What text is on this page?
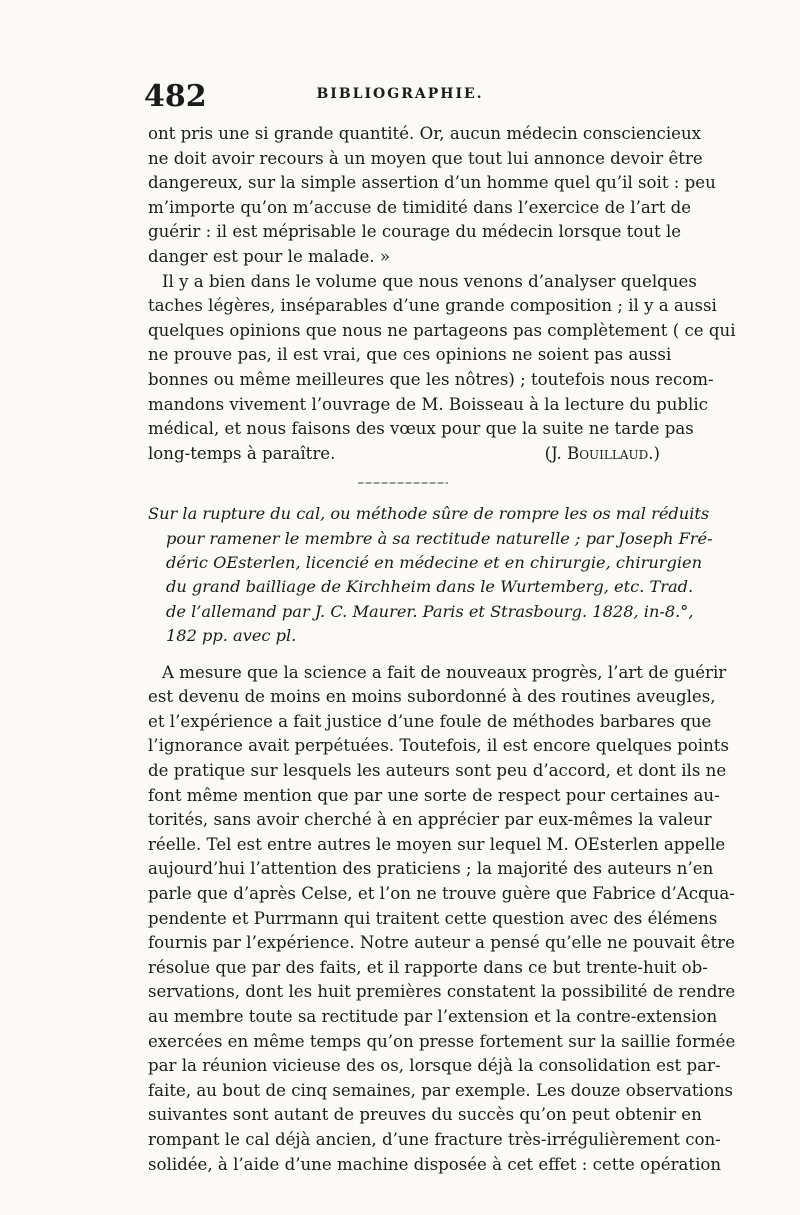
482	BIBLIOGRAPHIE.
ont pris une si grande quantité. Or, aucun médecin consciencieux
ne doit avoir recours à un moyen que tout lui annonce devoir être
dangereux, sur la simple assertion d’un homme quel qu’il soit : peu
m’importe qu’on m’accuse de timidité dans l’exercice de l’art de
guérir : il est méprisable le courage du médecin lorsque tout le
danger est pour le malade. »
Il y a bien dans le volume que nous venons d’analyser quelques
taches légères, inséparables d’une grande composition ; il y a aussi
quelques opinions que nous ne partageons pas complètement ( ce qui
ne prouve pas, il est vrai, que ces opinions ne soient pas aussi
bonnes ou même meilleures que les nôtres) ; toutefois nous recom-
mandons vivement l’ouvrage de M. Boisseau à la lecture du public
médical, et nous faisons des vœux pour que la suite ne tarde pas
long-temps à paraître.	(J. Bouillaud.)
Sur la rupture du cal, ou méthode sûre de rompre les os mal réduits
pour ramener le membre à sa rectitude naturelle ; par Joseph Fré-
déric OEsterlen, licencié en médecine et en chirurgie, chirurgien
du grand bailliage de Kirchheim dans le Wurtemberg, etc. Trad.
de l’allemand par J. C. Maurer. Paris et Strasbourg. 1828, in-8.°,
182 pp. avec pl.
A mesure que la science a fait de nouveaux progrès, l’art de guérir
est devenu de moins en moins subordonné à des routines aveugles,
et l’expérience a fait justice d’une foule de méthodes barbares que
l’ignorance avait perpétuées. Toutefois, il est encore quelques points
de pratique sur lesquels les auteurs sont peu d’accord, et dont ils ne
font même mention que par une sorte de respect pour certaines au-
torités, sans avoir cherché à en apprécier par eux-mêmes la valeur
réelle. Tel est entre autres le moyen sur lequel M. OEsterlen appelle
aujourd’hui l’attention des praticiens ; la majorité des auteurs n’en
parle que d’après Celse, et l’on ne trouve guère que Fabrice d’Acqua-
pendente et Purrmann qui traitent cette question avec des élémens
fournis par l’expérience. Notre auteur a pensé qu’elle ne pouvait être
résolue que par des faits, et il rapporte dans ce but trente-huit ob-
servations, dont les huit premières constatent la possibilité de rendre
au membre toute sa rectitude par l’extension et la contre-extension
exercées en même temps qu’on presse fortement sur la saillie formée
par la réunion vicieuse des os, lorsque déjà la consolidation est par-
faite, au bout de cinq semaines, par exemple. Les douze observations
suivantes sont autant de preuves du succès qu’on peut obtenir en
rompant le cal déjà ancien, d’une fracture très-irrégulièrement con-
solidée, à l’aide d’une machine disposée à cet effet : cette opération
